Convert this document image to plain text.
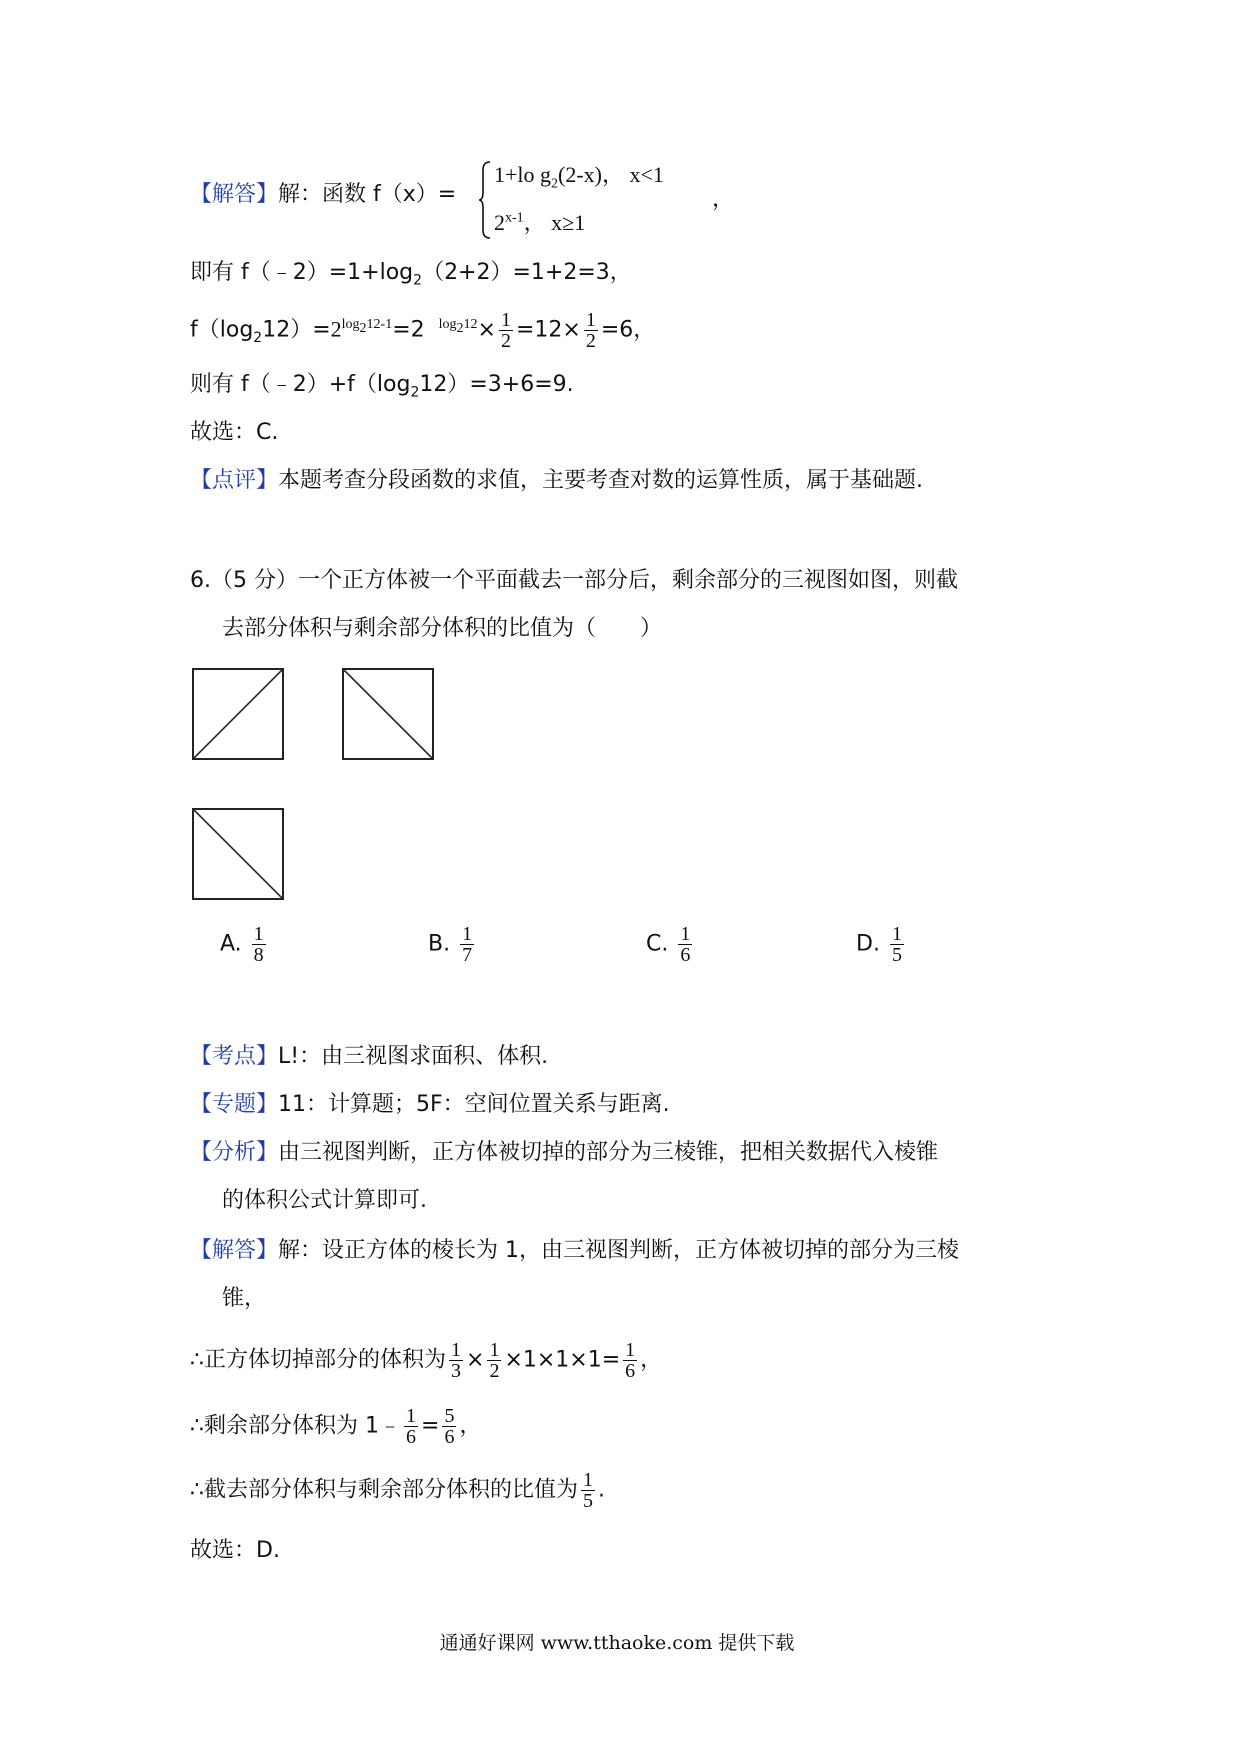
【解答】解：函数 f（x）=
1+lo $g_2(2-x)$， x<1
2$^{x-1}$， x≥1
，
即有 $f(﹣2)=1+\log_2(2+2)=1+2=3$，
$f(\log_212)=2^{log_212-1}=2$ $^{log_212}\times \frac{1}{2} =12\times \frac{1}{2} =6$，
则有 $f(﹣2)+f(\log_212)=3+6=9$.
故选：C.
【点评】本题考查分段函数的求值，主要考查对数的运算性质，属于基础题.
6.（5 分）一个正方体被一个平面截去一部分后，剩余部分的三视图如图，则截
去部分体积与剩余部分体积的比值为（　　）
A. $\frac{1}{8}$	B. $\frac{1}{7}$	C. $\frac{1}{6}$	D. $\frac{1}{5}$
【考点】L!：由三视图求面积、体积.
【专题】11：计算题；5F：空间位置关系与距离.
【分析】由三视图判断，正方体被切掉的部分为三棱锥，把相关数据代入棱锥
的体积公式计算即可.
【解答】解：设正方体的棱长为 1，由三视图判断，正方体被切掉的部分为三棱
锥，
∴正方体切掉部分的体积为 $\frac{1}{3} \times \frac{1}{2} \times 1\times 1\times 1= \frac{1}{6}$ ，
∴剩余部分体积为 1﹣ $\frac{1}{6} = \frac{5}{6}$ ，
∴截去部分体积与剩余部分体积的比值为 $\frac{1}{5}$ .
故选：D.
通通好课网 www.tthaoke.com 提供下载
